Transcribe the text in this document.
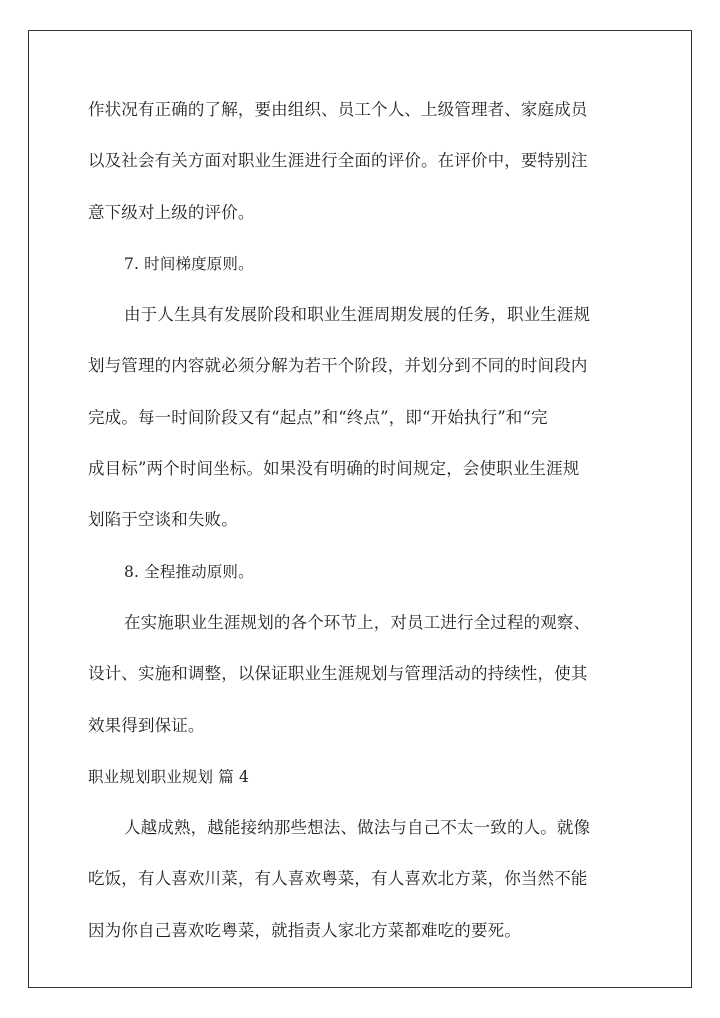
作状况有正确的了解，要由组织、员工个人、上级管理者、家庭成员
以及社会有关方面对职业生涯进行全面的评价。在评价中，要特别注
意下级对上级的评价。
7. 时间梯度原则。
由于人生具有发展阶段和职业生涯周期发展的任务，职业生涯规
划与管理的内容就必须分解为若干个阶段，并划分到不同的时间段内
完成。每一时间阶段又有“起点”和“终点”，即“开始执行”和“完
成目标”两个时间坐标。如果没有明确的时间规定，会使职业生涯规
划陷于空谈和失败。
8. 全程推动原则。
在实施职业生涯规划的各个环节上，对员工进行全过程的观察、
设计、实施和调整，以保证职业生涯规划与管理活动的持续性，使其
效果得到保证。
职业规划职业规划 篇 4
人越成熟，越能接纳那些想法、做法与自己不太一致的人。就像
吃饭，有人喜欢川菜，有人喜欢粤菜，有人喜欢北方菜，你当然不能
因为你自己喜欢吃粤菜，就指责人家北方菜都难吃的要死。
